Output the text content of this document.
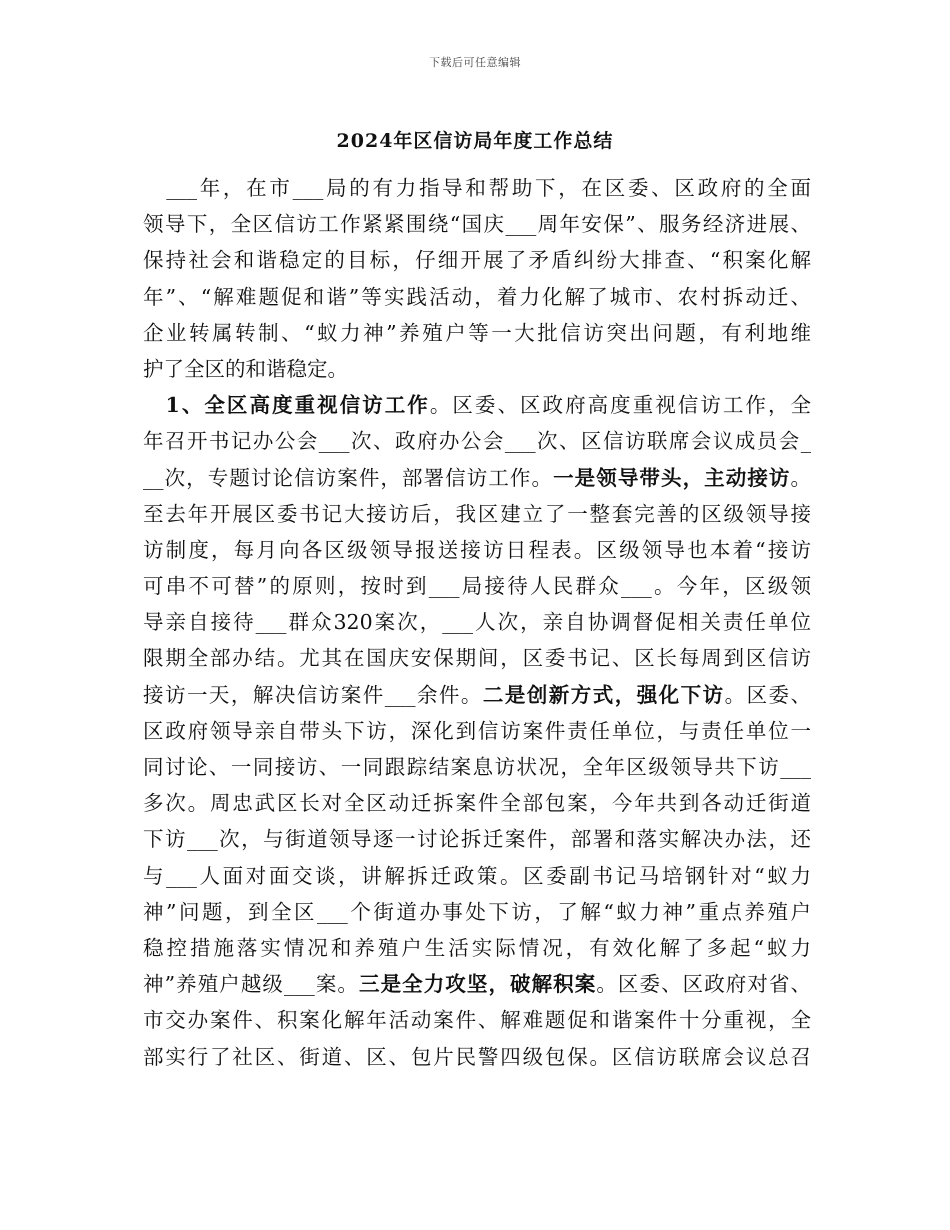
下载后可任意编辑
2024年区信访局年度工作总结
　___年，在市___局的有力指导和帮助下，在区委、区政府的全面
领导下，全区信访工作紧紧围绕“国庆___周年安保”、服务经济进展、
保持社会和谐稳定的目标，仔细开展了矛盾纠纷大排查、“积案化解
年”、“解难题促和谐”等实践活动，着力化解了城市、农村拆动迁、
企业转属转制、“蚁力神”养殖户等一大批信访突出问题，有利地维
护了全区的和谐稳定。
　1、全区高度重视信访工作。区委、区政府高度重视信访工作，全
年召开书记办公会___次、政府办公会___次、区信访联席会议成员会_
__次，专题讨论信访案件，部署信访工作。一是领导带头，主动接访。
至去年开展区委书记大接访后，我区建立了一整套完善的区级领导接
访制度，每月向各区级领导报送接访日程表。区级领导也本着“接访
可串不可替”的原则，按时到___局接待人民群众___。今年，区级领
导亲自接待___群众320案次，___人次，亲自协调督促相关责任单位
限期全部办结。尤其在国庆安保期间，区委书记、区长每周到区信访
接访一天，解决信访案件___余件。二是创新方式，强化下访。区委、
区政府领导亲自带头下访，深化到信访案件责任单位，与责任单位一
同讨论、一同接访、一同跟踪结案息访状况，全年区级领导共下访___
多次。周忠武区长对全区动迁拆案件全部包案，今年共到各动迁街道
下访___次，与街道领导逐一讨论拆迁案件，部署和落实解决办法，还
与___人面对面交谈，讲解拆迁政策。区委副书记马培钢针对“蚁力
神”问题，到全区___个街道办事处下访，了解“蚁力神”重点养殖户
稳控措施落实情况和养殖户生活实际情况，有效化解了多起“蚁力
神”养殖户越级___案。三是全力攻坚，破解积案。区委、区政府对省、
市交办案件、积案化解年活动案件、解难题促和谐案件十分重视，全
部实行了社区、街道、区、包片民警四级包保。区信访联席会议总召
